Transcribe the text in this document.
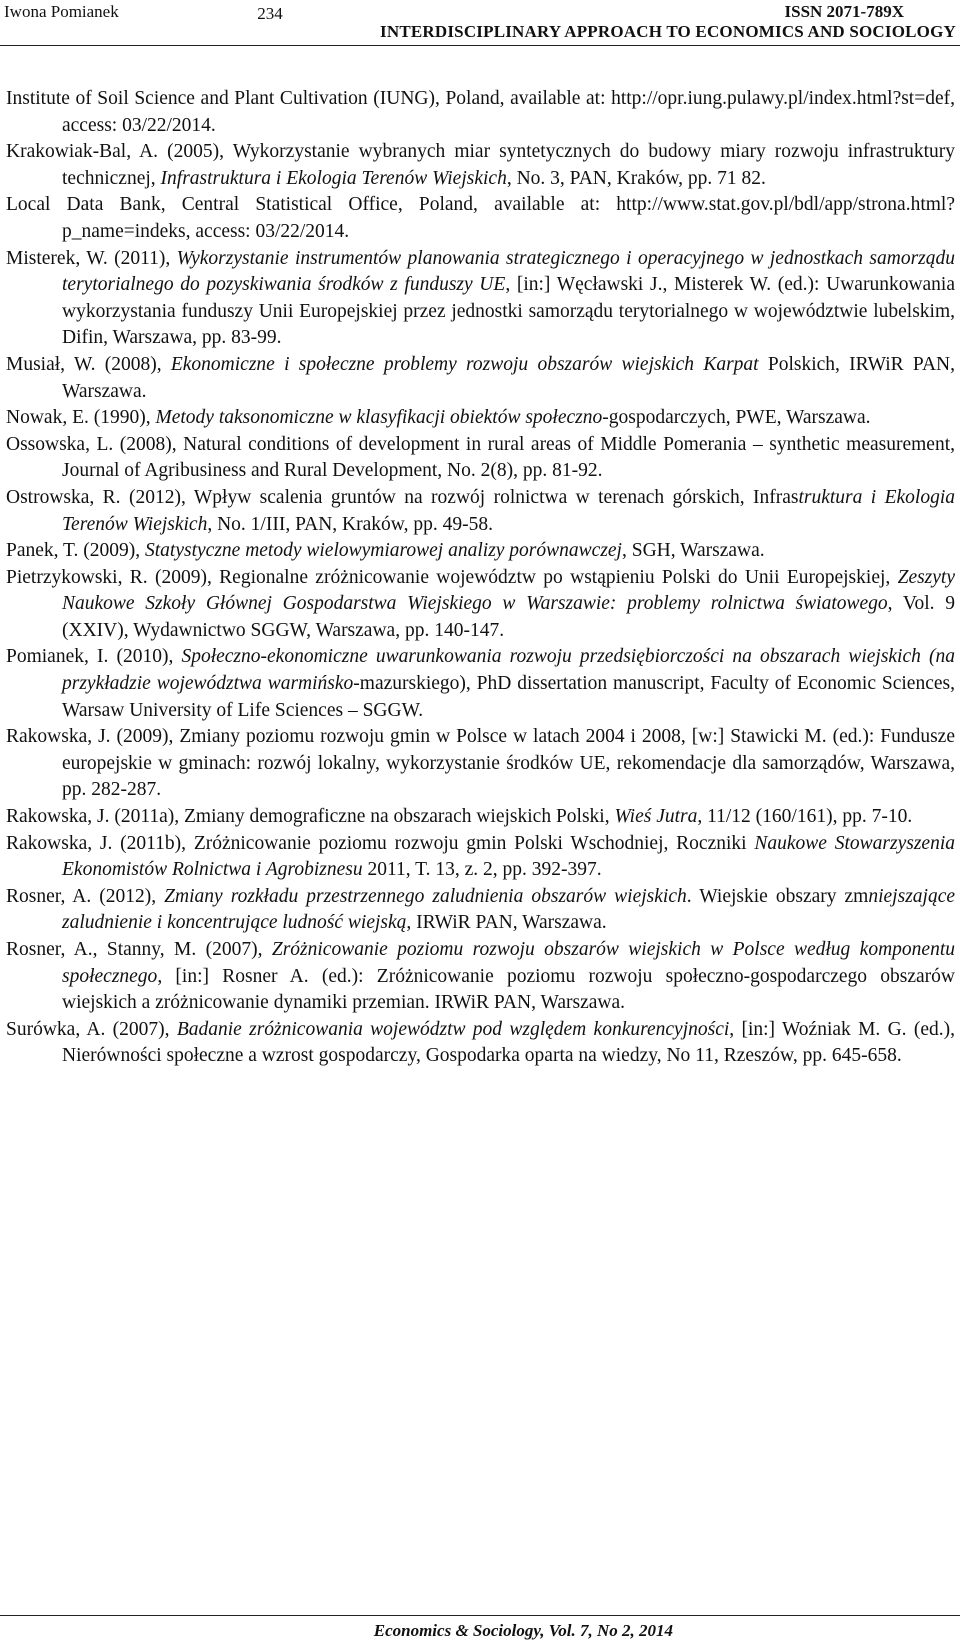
Iwona Pomianek	234	ISSN 2071-789X
INTERDISCIPLINARY APPROACH TO ECONOMICS AND SOCIOLOGY

Institute of Soil Science and Plant Cultivation (IUNG), Poland, available at: http://opr.iung.pulawy.pl/index.html?st=def, access: 03/22/2014.

Krakowiak-Bal, A. (2005), Wykorzystanie wybranych miar syntetycznych do budowy miary rozwoju infrastruktury technicznej, Infrastruktura i Ekologia Terenów Wiejskich, No. 3, PAN, Kraków, pp. 71 82.

Local Data Bank, Central Statistical Office, Poland, available at: http://www.stat.gov.pl/bdl/app/strona.html?p_name=indeks, access: 03/22/2014.

Misterek, W. (2011), Wykorzystanie instrumentów planowania strategicznego i operacyjnego w jednostkach samorządu terytorialnego do pozyskiwania środków z funduszy UE, [in:] Węcławski J., Misterek W. (ed.): Uwarunkowania wykorzystania funduszy Unii Europejskiej przez jednostki samorządu terytorialnego w województwie lubelskim, Difin, Warszawa, pp. 83-99.

Musiał, W. (2008), Ekonomiczne i społeczne problemy rozwoju obszarów wiejskich Karpat Polskich, IRWiR PAN, Warszawa.

Nowak, E. (1990), Metody taksonomiczne w klasyfikacji obiektów społeczno-gospodarczych, PWE, Warszawa.

Ossowska, L. (2008), Natural conditions of development in rural areas of Middle Pomerania – synthetic measurement, Journal of Agribusiness and Rural Development, No. 2(8), pp. 81-92.

Ostrowska, R. (2012), Wpływ scalenia gruntów na rozwój rolnictwa w terenach górskich, Infrastruktura i Ekologia Terenów Wiejskich, No. 1/III, PAN, Kraków, pp. 49-58.

Panek, T. (2009), Statystyczne metody wielowymiarowej analizy porównawczej, SGH, Warszawa.

Pietrzykowski, R. (2009), Regionalne zróżnicowanie województw po wstąpieniu Polski do Unii Europejskiej, Zeszyty Naukowe Szkoły Głównej Gospodarstwa Wiejskiego w Warszawie: problemy rolnictwa światowego, Vol. 9 (XXIV), Wydawnictwo SGGW, Warszawa, pp. 140-147.

Pomianek, I. (2010), Społeczno-ekonomiczne uwarunkowania rozwoju przedsiębiorczości na obszarach wiejskich (na przykładzie województwa warmińsko-mazurskiego), PhD dissertation manuscript, Faculty of Economic Sciences, Warsaw University of Life Sciences – SGGW.

Rakowska, J. (2009), Zmiany poziomu rozwoju gmin w Polsce w latach 2004 i 2008, [w:] Stawicki M. (ed.): Fundusze europejskie w gminach: rozwój lokalny, wykorzystanie środków UE, rekomendacje dla samorządów, Warszawa, pp. 282-287.

Rakowska, J. (2011a), Zmiany demograficzne na obszarach wiejskich Polski, Wieś Jutra, 11/12 (160/161), pp. 7-10.

Rakowska, J. (2011b), Zróżnicowanie poziomu rozwoju gmin Polski Wschodniej, Roczniki Naukowe Stowarzyszenia Ekonomistów Rolnictwa i Agrobiznesu 2011, T. 13, z. 2, pp. 392-397.

Rosner, A. (2012), Zmiany rozkładu przestrzennego zaludnienia obszarów wiejskich. Wiejskie obszary zmniejszające zaludnienie i koncentrujące ludność wiejską, IRWiR PAN, Warszawa.

Rosner, A., Stanny, M. (2007), Zróżnicowanie poziomu rozwoju obszarów wiejskich w Polsce według komponentu społecznego, [in:] Rosner A. (ed.): Zróżnicowanie poziomu rozwoju społeczno-gospodarczego obszarów wiejskich a zróżnicowanie dynamiki przemian. IRWiR PAN, Warszawa.

Surówka, A. (2007), Badanie zróżnicowania województw pod względem konkurencyjności, [in:] Woźniak M. G. (ed.), Nierówności społeczne a wzrost gospodarczy, Gospodarka oparta na wiedzy, No 11, Rzeszów, pp. 645-658.

Economics & Sociology, Vol. 7, No 2, 2014
